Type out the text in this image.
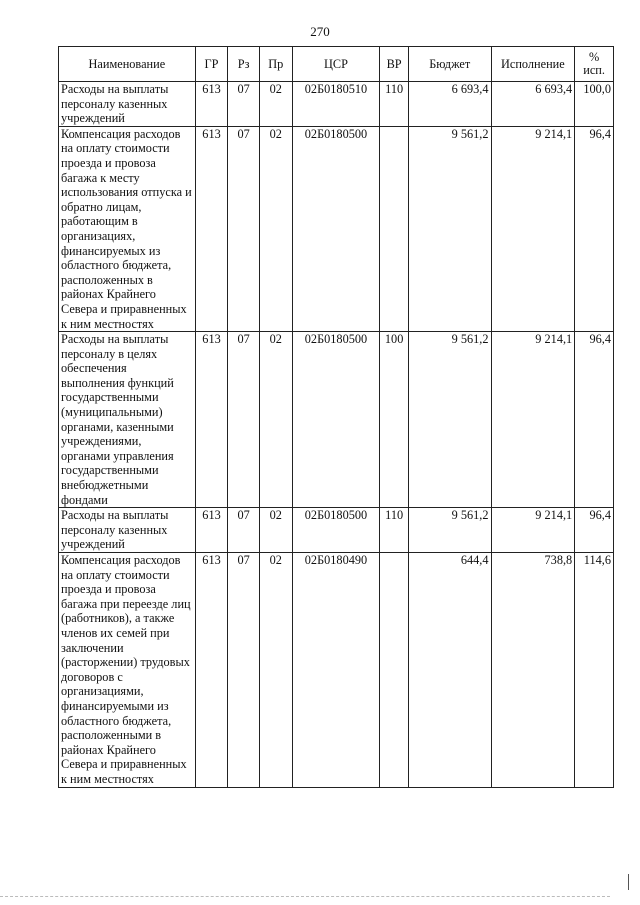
270
Наименование	ГР	Рз	Пр	ЦСР	ВР	Бюджет	Исполнение	%
исп.

Расходы на выплаты персоналу казенных учреждений	613	07	02	02Б0180510	110	6 693,4	6 693,4	100,0
Компенсация расходов на оплату стоимости проезда и провоза багажа к месту использования отпуска и обратно лицам, работающим в организациях, финансируемых из областного бюджета, расположенных в районах Крайнего Севера и приравненных к ним местностях	613	07	02	02Б0180500		9 561,2	9 214,1	96,4
Расходы на выплаты персоналу в целях обеспечения выполнения функций государственными (муниципальными) органами, казенными учреждениями, органами управления государственными внебюджетными фондами	613	07	02	02Б0180500	100	9 561,2	9 214,1	96,4
Расходы на выплаты персоналу казенных учреждений	613	07	02	02Б0180500	110	9 561,2	9 214,1	96,4
Компенсация расходов на оплату стоимости проезда и провоза багажа при переезде лиц (работников), а также членов их семей при заключении (расторжении) трудовых договоров с организациями, финансируемыми из областного бюджета, расположенными в районах Крайнего Севера и приравненных к ним местностях	613	07	02	02Б0180490		644,4	738,8	114,6
